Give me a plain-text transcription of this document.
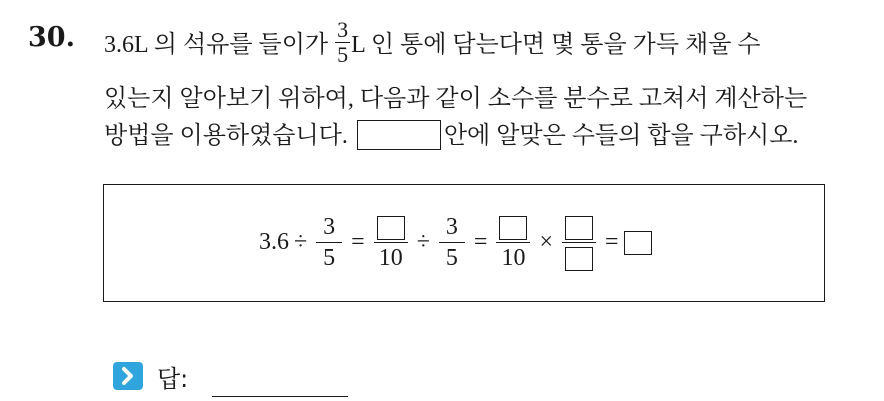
30. 3.6L 의 석유를 들이가 $\frac{3}{5}$ L 인 통에 담는다면 몇 통을 가득 채울 수
있는지 알아보기 위하여, 다음과 같이 소수를 분수로 고쳐서 계산하는
방법을 이용하였습니다.	안에 알맞은 수들의 합을 구하시오.
$3.6 \div \frac{3}{5}$ =
10
÷ $\frac{3}{5}$ =
10
× =
답:
